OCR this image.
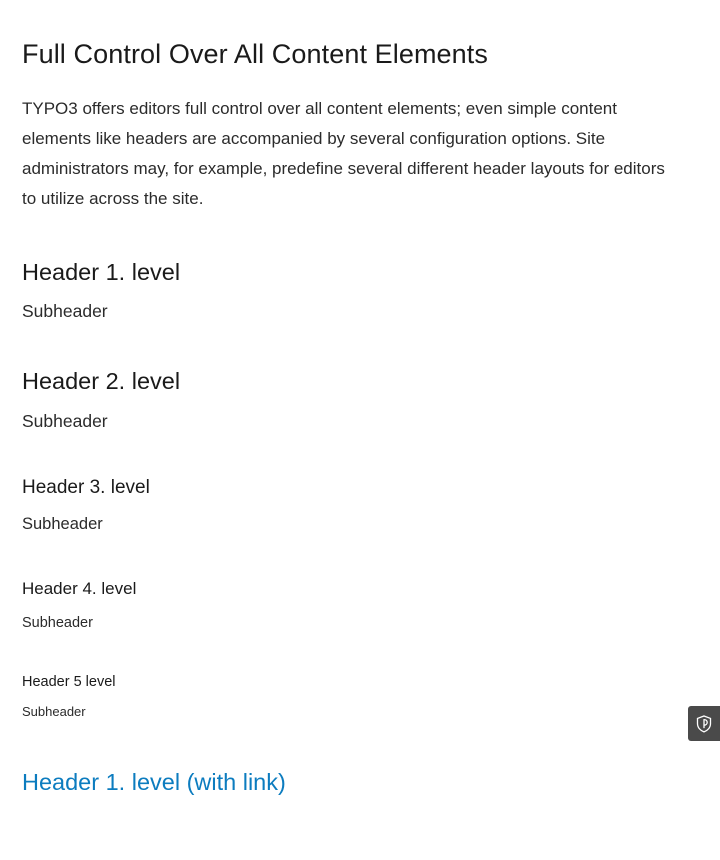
Full Control Over All Content Elements

TYPO3 offers editors full control over all content elements; even simple content elements like headers are accompanied by several configuration options. Site administrators may, for example, predefine several different header layouts for editors to utilize across the site.

Header 1. level
Subheader
Header 2. level
Subheader
Header 3. level
Subheader
Header 4. level
Subheader
Header 5 level
Subheader
Header 1. level (with link)
